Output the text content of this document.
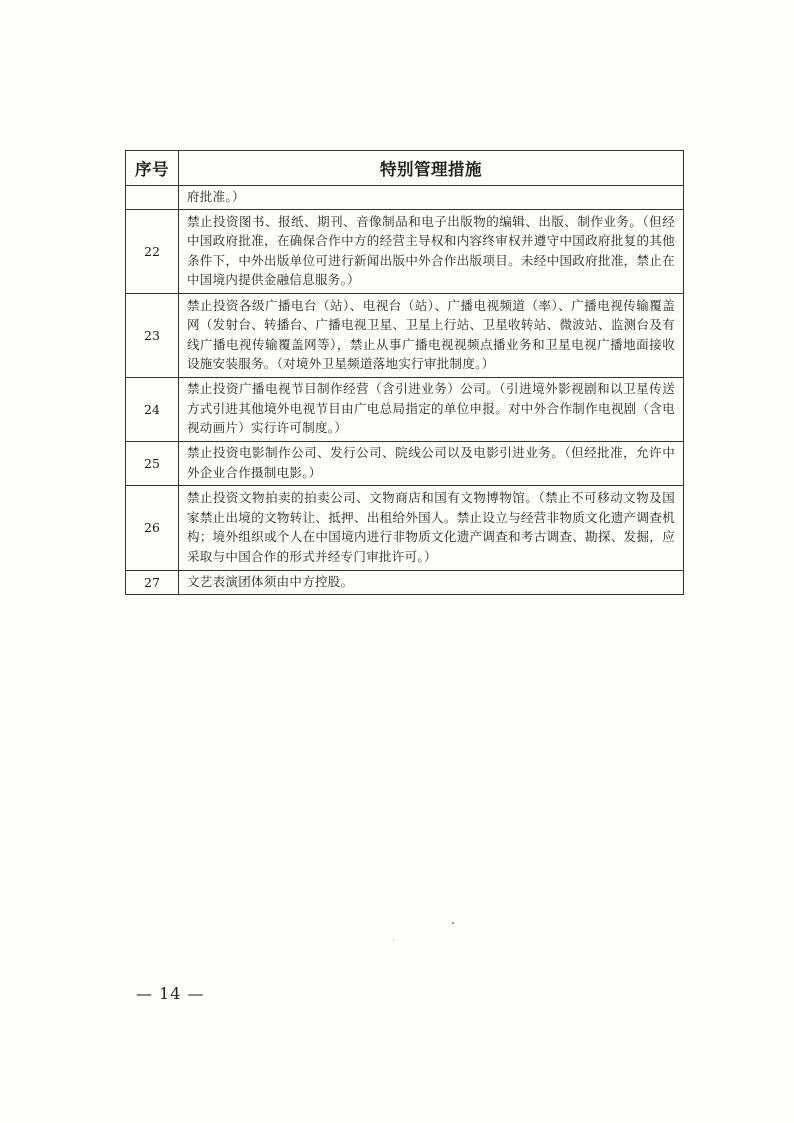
序号	特别管理措施
	府批准。）
22	禁止投资图书、报纸、期刊、音像制品和电子出版物的编辑、出版、制作业务。（但经中国政府批准，在确保合作中方的经营主导权和内容终审权并遵守中国政府批复的其他条件下，中外出版单位可进行新闻出版中外合作出版项目。未经中国政府批准，禁止在中国境内提供金融信息服务。）
23	禁止投资各级广播电台（站）、电视台（站）、广播电视频道（率）、广播电视传输覆盖网（发射台、转播台、广播电视卫星、卫星上行站、卫星收转站、微波站、监测台及有线广播电视传输覆盖网等），禁止从事广播电视视频点播业务和卫星电视广播地面接收设施安装服务。（对境外卫星频道落地实行审批制度。）
24	禁止投资广播电视节目制作经营（含引进业务）公司。（引进境外影视剧和以卫星传送方式引进其他境外电视节目由广电总局指定的单位申报。对中外合作制作电视剧（含电视动画片）实行许可制度。）
25	禁止投资电影制作公司、发行公司、院线公司以及电影引进业务。（但经批准，允许中外企业合作摄制电影。）
26	禁止投资文物拍卖的拍卖公司、文物商店和国有文物博物馆。（禁止不可移动文物及国家禁止出境的文物转让、抵押、出租给外国人。禁止设立与经营非物质文化遗产调查机构；境外组织或个人在中国境内进行非物质文化遗产调查和考古调查、勘探、发掘，应采取与中国合作的形式并经专门审批许可。）
27	文艺表演团体须由中方控股。
— 14 —
